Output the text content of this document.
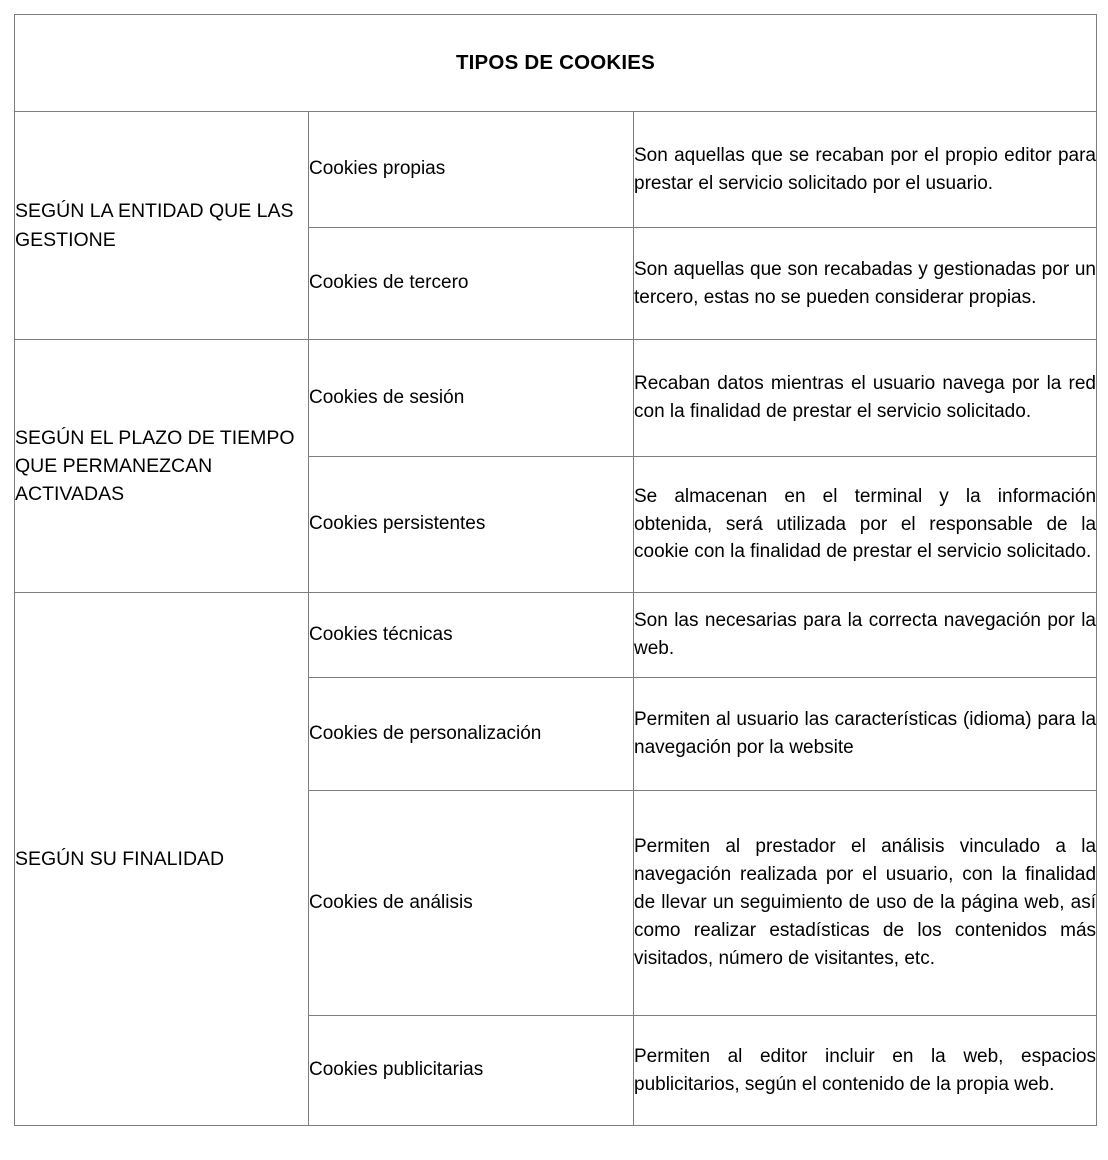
TIPOS DE COOKIES		
SEGÚN LA ENTIDAD QUE LAS GESTIONE	Cookies propias	Son aquellas que se recaban por el propio editor para prestar el servicio solicitado por el usuario.

	Cookies de tercero	Son aquellas que son recabadas y gestionadas por un tercero, estas no se pueden considerar propias.

SEGÚN EL PLAZO DE TIEMPO QUE PERMANEZCAN ACTIVADAS	Cookies de sesión	Recaban datos mientras el usuario navega por la red con la finalidad de prestar el servicio solicitado.

	Cookies persistentes	Se almacenan en el terminal y la información obtenida, será utilizada por el responsable de la cookie con la finalidad de prestar el servicio solicitado.

SEGÚN SU FINALIDAD	Cookies técnicas	Son las necesarias para la correcta navegación por la web.

	Cookies de personalización	Permiten al usuario las características (idioma) para la navegación por la website

	Cookies de análisis	Permiten al prestador el análisis vinculado a la navegación realizada por el usuario, con la finalidad de llevar un seguimiento de uso de la página web, así como realizar estadísticas de los contenidos más visitados, número de visitantes, etc.

	Cookies publicitarias	Permiten al editor incluir en la web, espacios publicitarios, según el contenido de la propia web.
